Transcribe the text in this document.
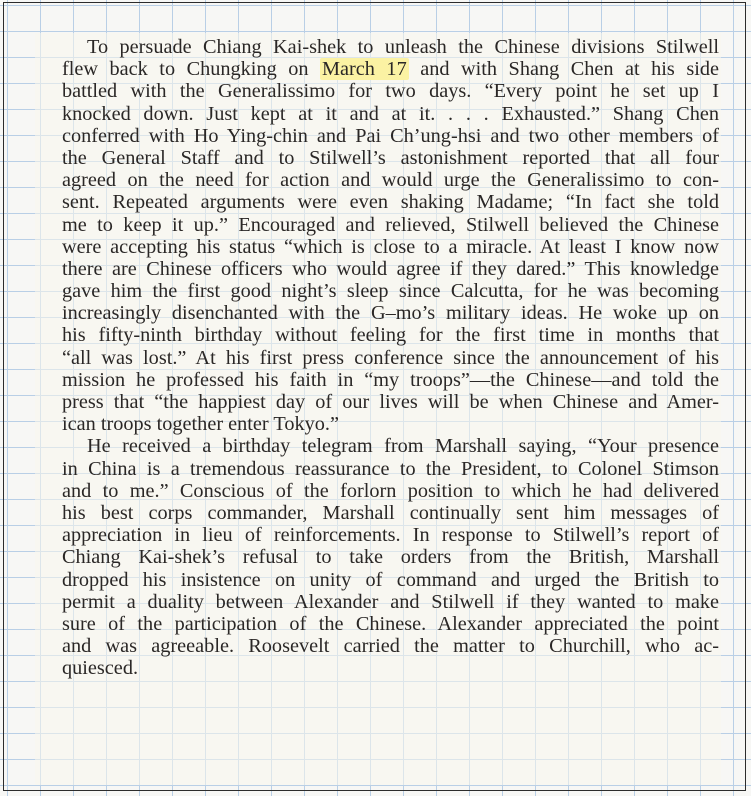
To persuade Chiang Kai-shek to unleash the Chinese divisions Stilwell
flew back to Chungking on March 17 and with Shang Chen at his side
battled with the Generalissimo for two days. “Every point he set up I
knocked down. Just kept at it and at it. . . . Exhausted.” Shang Chen
conferred with Ho Ying-chin and Pai Ch’ung-hsi and two other members of
the General Staff and to Stilwell’s astonishment reported that all four
agreed on the need for action and would urge the Generalissimo to con-
sent. Repeated arguments were even shaking Madame; “In fact she told
me to keep it up.” Encouraged and relieved, Stilwell believed the Chinese
were accepting his status “which is close to a miracle. At least I know now
there are Chinese officers who would agree if they dared.” This knowledge
gave him the first good night’s sleep since Calcutta, for he was becoming
increasingly disenchanted with the G–mo’s military ideas. He woke up on
his fifty-ninth birthday without feeling for the first time in months that
“all was lost.” At his first press conference since the announcement of his
mission he professed his faith in “my troops”—the Chinese—and told the
press that “the happiest day of our lives will be when Chinese and Amer-
ican troops together enter Tokyo.”
He received a birthday telegram from Marshall saying, “Your presence
in China is a tremendous reassurance to the President, to Colonel Stimson
and to me.” Conscious of the forlorn position to which he had delivered
his best corps commander, Marshall continually sent him messages of
appreciation in lieu of reinforcements. In response to Stilwell’s report of
Chiang Kai-shek’s refusal to take orders from the British, Marshall
dropped his insistence on unity of command and urged the British to
permit a duality between Alexander and Stilwell if they wanted to make
sure of the participation of the Chinese. Alexander appreciated the point
and was agreeable. Roosevelt carried the matter to Churchill, who ac-
quiesced.
